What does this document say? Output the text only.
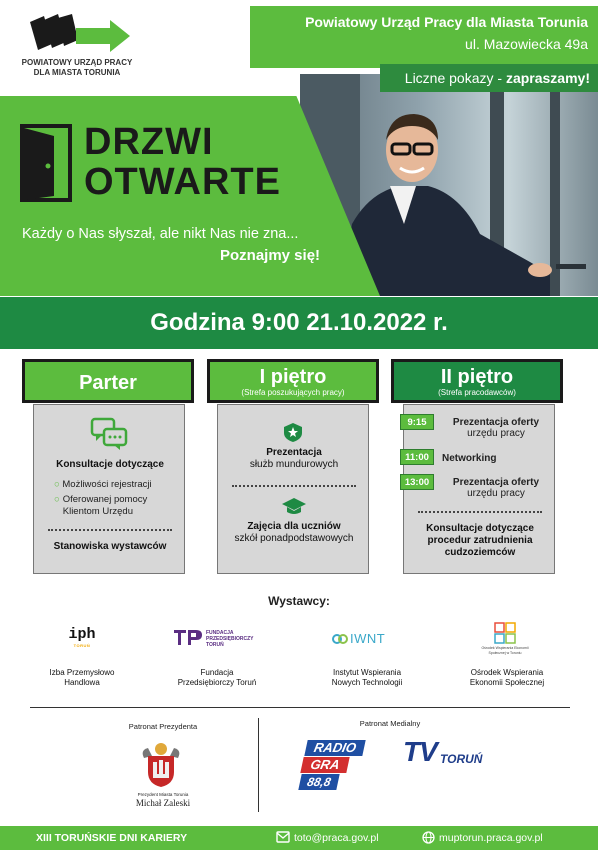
POWIATOWY URZĄD PRACY
DLA MIASTA TORUNIA
Powiatowy Urząd Pracy dla Miasta Torunia
ul. Mazowiecka 49a
Liczne pokazy - zapraszamy!
DRZWI
OTWARTE
Każdy o Nas słyszał, ale nikt Nas nie zna...
Poznajmy się!
Godzina 9:00 21.10.2022 r.
Parter
Konsultacje dotyczące
○ Możliwości rejestracji
○ Oferowanej pomocy Klientom Urzędu
Stanowiska wystawców
I piętro
(Strefa poszukujących pracy)
Prezentacja
służb mundurowych
Zajęcia dla uczniów
szkół ponadpodstawowych
II piętro
(Strefa pracodawców)
9:15	Prezentacja oferty
urzędu pracy
11:00	Networking
13:00	Prezentacja oferty
urzędu pracy
Konsultacje dotyczące procedur zatrudnienia cudzoziemców
Wystawcy:
iph
TORUŃ
Izba Przemysłowo
Handlowa
FUNDACJA PRZEDSIĘBIORCZY TORUŃ
Fundacja
Przedsiębiorczy Toruń
IWNT
Instytut Wspierania
Nowych Technologii
Ośrodek Wspierania Ekonomii Społecznej w Toruniu
Ośrodek Wspierania
Ekonomii Społecznej
Patronat Prezydenta
Prezydent Miasta Torunia
Michał Zaleski
Patronat Medialny
RADIO
GRA
88,8
TV TORUŃ
XIII TORUŃSKIE DNI KARIERY	toto@praca.gov.pl	muptorun.praca.gov.pl
